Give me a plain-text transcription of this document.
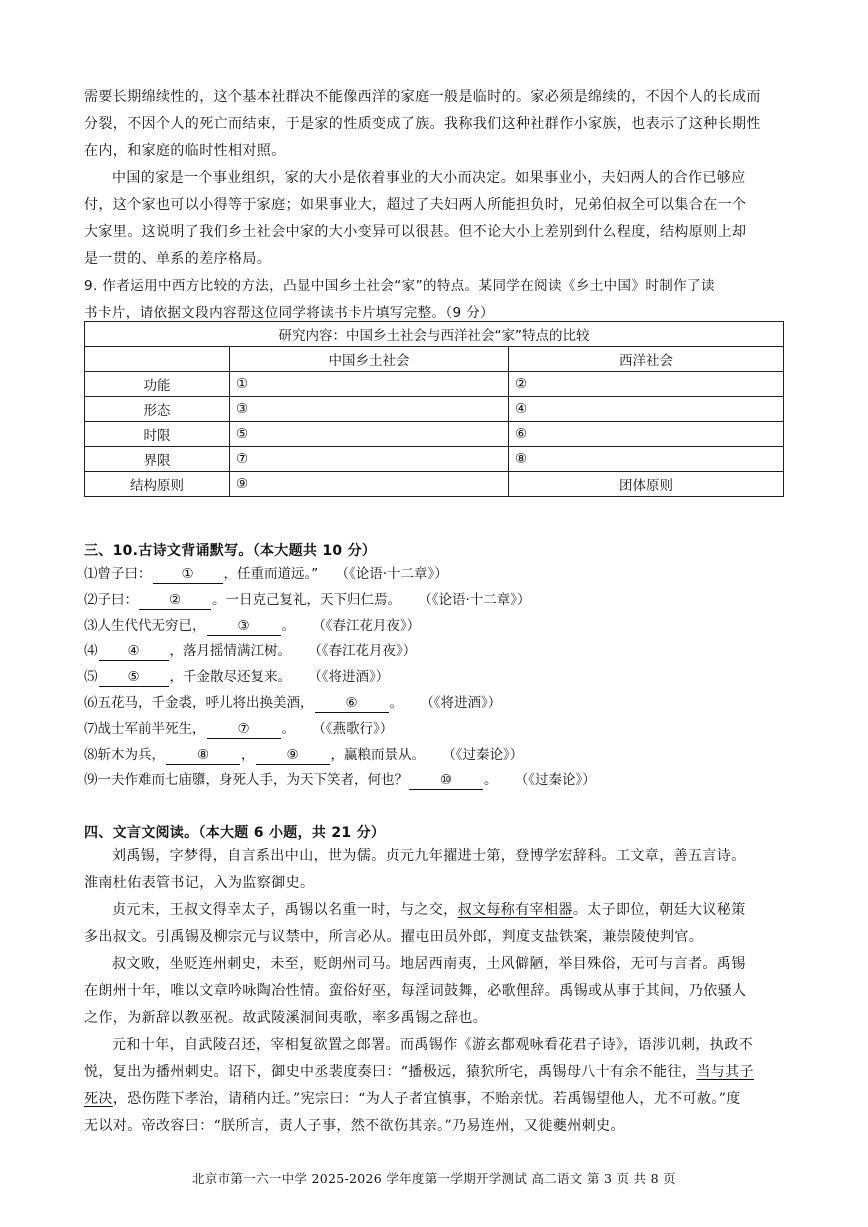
需要长期绵续性的，这个基本社群决不能像西洋的家庭一般是临时的。家必须是绵续的，不因个人的长成而
分裂，不因个人的死亡而结束，于是家的性质变成了族。我称我们这种社群作小家族，也表示了这种长期性
在内，和家庭的临时性相对照。
中国的家是一个事业组织，家的大小是依着事业的大小而决定。如果事业小，夫妇两人的合作已够应
付，这个家也可以小得等于家庭；如果事业大，超过了夫妇两人所能担负时，兄弟伯叔全可以集合在一个
大家里。这说明了我们乡土社会中家的大小变异可以很甚。但不论大小上差别到什么程度，结构原则上却
是一贯的、单系的差序格局。
9. 作者运用中西方比较的方法，凸显中国乡土社会“家”的特点。某同学在阅读《乡土中国》时制作了读
书卡片，请依据文段内容帮这位同学将读书卡片填写完整。（9 分）
研究内容：中国乡土社会与西洋社会“家”特点的比较		
	中国乡土社会	西洋社会
功能	①	②
形态	③	④
时限	⑤	⑥
界限	⑦	⑧
结构原则	⑨	团体原则
三、10.古诗文背诵默写。（本大题共 10 分）
⑴曾子曰： ① ，任重而道远。” （《论语·十二章》）
⑵子曰： ② 。一日克己复礼，天下归仁焉。 （《论语·十二章》）
⑶人生代代无穷已， ③ 。 （《春江花月夜》）
⑷ ④ ，落月摇情满江树。 （《春江花月夜》）
⑸ ⑤ ，千金散尽还复来。 （《将进酒》）
⑹五花马，千金裘，呼儿将出换美酒， ⑥ 。 （《将进酒》）
⑺战士军前半死生， ⑦ 。 （《燕歌行》）
⑻斩木为兵， ⑧ ， ⑨ ，赢粮而景从。 （《过秦论》）
⑼一夫作难而七庙隳，身死人手，为天下笑者，何也？ ⑩ 。 （《过秦论》）
四、文言文阅读。（本大题 6 小题，共 21 分）
刘禹锡，字梦得，自言系出中山，世为儒。贞元九年擢进士第，登博学宏辞科。工文章，善五言诗。
淮南杜佑表管书记，入为监察御史。
贞元末，王叔文得幸太子，禹锡以名重一时，与之交，叔文每称有宰相器。太子即位，朝廷大议秘策
多出叔文。引禹锡及柳宗元与议禁中，所言必从。擢屯田员外郎，判度支盐铁案，兼崇陵使判官。
叔文败，坐贬连州刺史，未至，贬朗州司马。地居西南夷，土风僻陋，举目殊俗，无可与言者。禹锡
在朗州十年，唯以文章吟咏陶冶性情。蛮俗好巫，每淫词鼓舞，必歌俚辞。禹锡或从事于其间，乃依骚人
之作，为新辞以教巫祝。故武陵溪洞间夷歌，率多禹锡之辞也。
元和十年，自武陵召还，宰相复欲置之郎署。而禹锡作《游玄都观咏看花君子诗》，语涉讥刺，执政不
悦，复出为播州刺史。诏下，御史中丞裴度奏曰：“播极远，猿狖所宅，禹锡母八十有余不能往，当与其子
死决，恐伤陛下孝治，请稍内迁。”宪宗曰：“为人子者宜慎事，不贻亲忧。若禹锡望他人，尤不可赦。”度
无以对。帝改容曰：“朕所言，责人子事，然不欲伤其亲。”乃易连州，又徙夔州刺史。
北京市第一六一中学 2025-2026 学年度第一学期开学测试 高二语文 第 3 页 共 8 页
